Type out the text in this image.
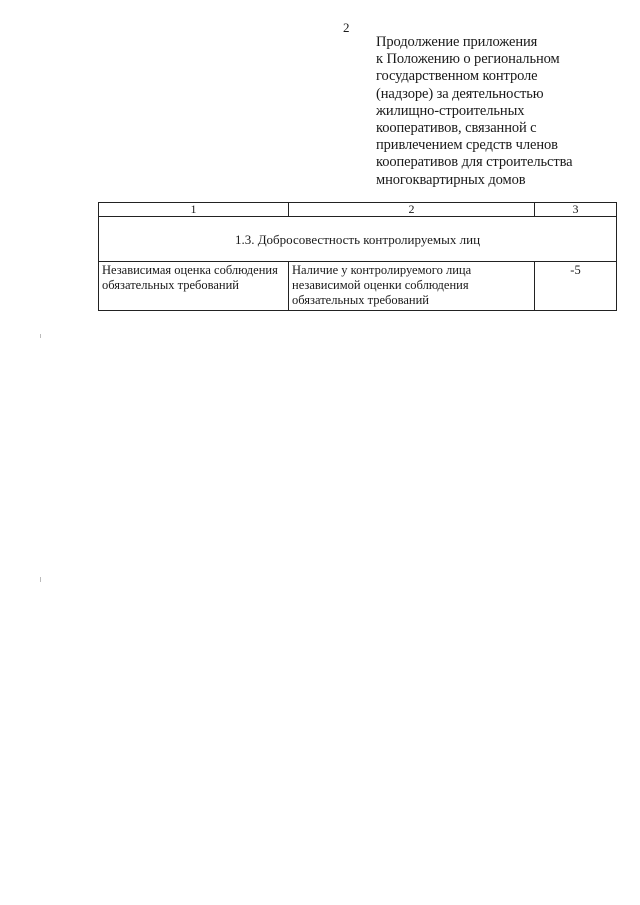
2
Продолжение приложения
к Положению о региональном
государственном контроле
(надзоре) за деятельностью
жилищно-строительных
кооперативов, связанной с
привлечением средств членов
кооперативов для строительства
многоквартирных домов
1	2	3
1.3. Добросовестность контролируемых лиц		
Независимая оценка соблюдения обязательных требований	Наличие у контролируемого лица независимой оценки соблюдения обязательных требований	-5
